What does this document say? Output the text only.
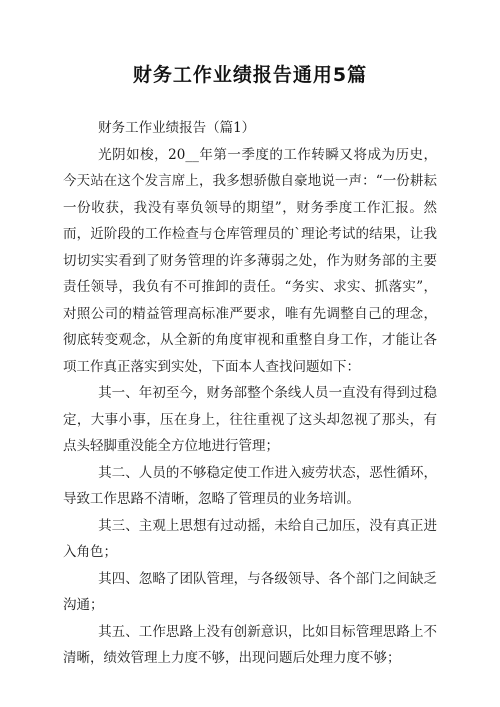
财务工作业绩报告通用5篇

财务工作业绩报告（篇1）

光阴如梭，20__年第一季度的工作转瞬又将成为历史，今天站在这个发言席上，我多想骄傲自豪地说一声：“一份耕耘一份收获，我没有辜负领导的期望”，财务季度工作汇报。然而，近阶段的工作检查与仓库管理员的`理论考试的结果，让我切切实实看到了财务管理的许多薄弱之处，作为财务部的主要责任领导，我负有不可推卸的责任。“务实、求实、抓落实”，对照公司的精益管理高标准严要求，唯有先调整自己的理念，彻底转变观念，从全新的角度审视和重整自身工作，才能让各项工作真正落实到实处，下面本人查找问题如下：

其一、年初至今，财务部整个条线人员一直没有得到过稳定，大事小事，压在身上，往往重视了这头却忽视了那头，有点头轻脚重没能全方位地进行管理；

其二、人员的不够稳定使工作进入疲劳状态，恶性循环，导致工作思路不清晰，忽略了管理员的业务培训。

其三、主观上思想有过动摇，未给自己加压，没有真正进入角色；

其四、忽略了团队管理，与各级领导、各个部门之间缺乏沟通；

其五、工作思路上没有创新意识，比如目标管理思路上不清晰，绩效管理上力度不够，出现问题后处理力度不够；
